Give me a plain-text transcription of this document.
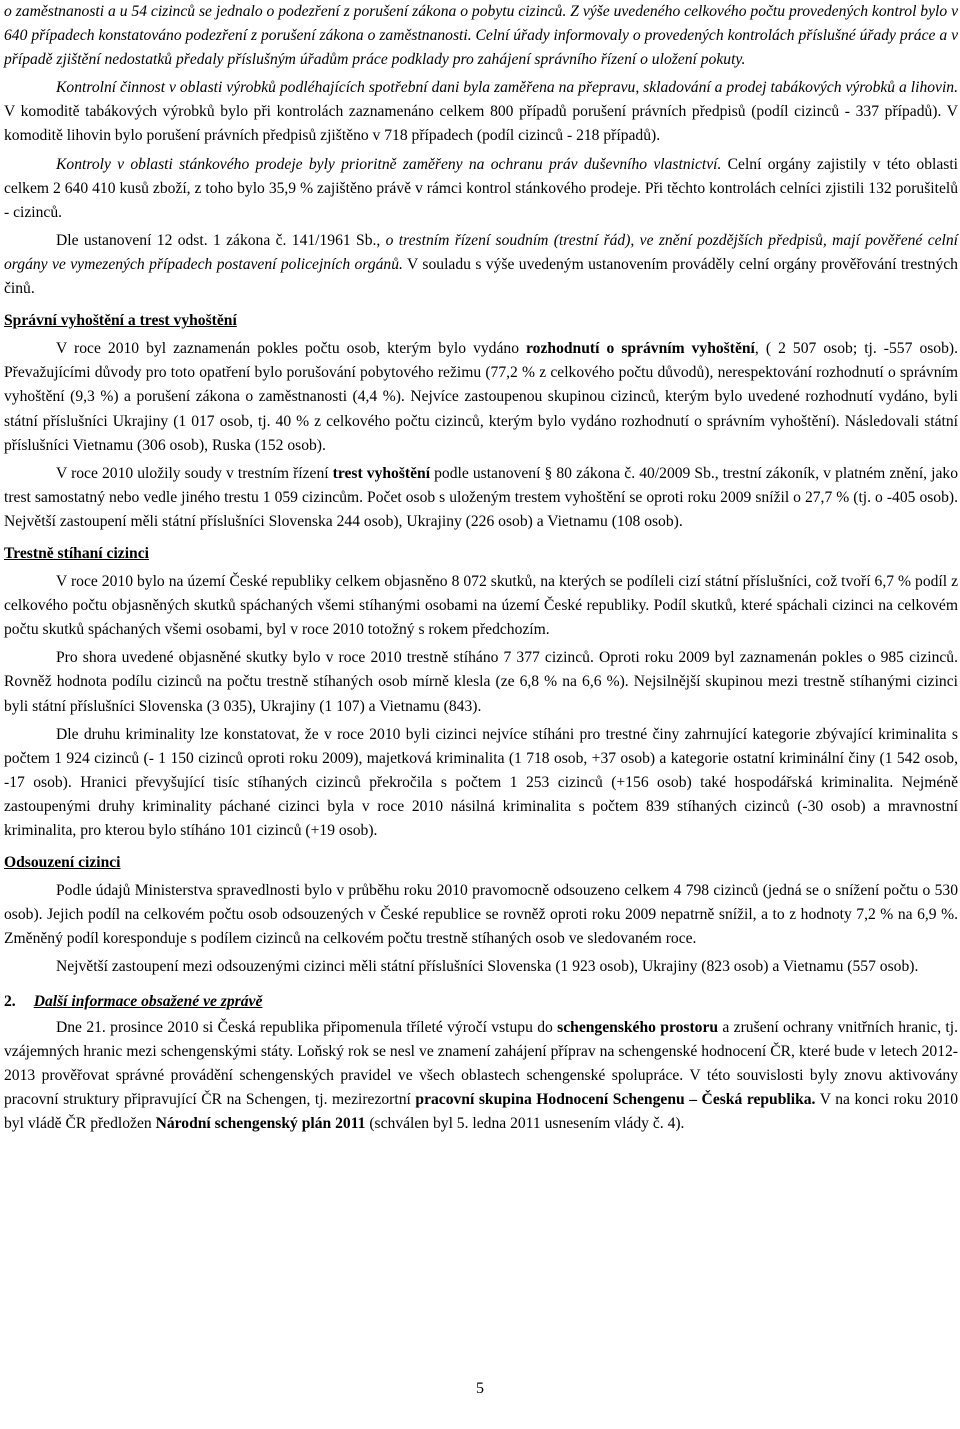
o zaměstnanosti a u 54 cizinců se jednalo o podezření z porušení zákona o pobytu cizinců. Z výše uvedeného celkového počtu provedených kontrol bylo v 640 případech konstatováno podezření z porušení zákona o zaměstnanosti. Celní úřady informovaly o provedených kontrolách příslušné úřady práce a v případě zjištění nedostatků předaly příslušným úřadům práce podklady pro zahájení správního řízení o uložení pokuty.

Kontrolní činnost v oblasti výrobků podléhajících spotřební dani byla zaměřena na přepravu, skladování a prodej tabákových výrobků a lihovin. V komoditě tabákových výrobků bylo při kontrolách zaznamenáno celkem 800 případů porušení právních předpisů (podíl cizinců - 337 případů). V komoditě lihovin bylo porušení právních předpisů zjištěno v 718 případech (podíl cizinců - 218 případů).

Kontroly v oblasti stánkového prodeje byly prioritně zaměřeny na ochranu práv duševního vlastnictví. Celní orgány zajistily v této oblasti celkem 2 640 410 kusů zboží, z toho bylo 35,9 % zajištěno právě v rámci kontrol stánkového prodeje. Při těchto kontrolách celníci zjistili 132 porušitelů - cizinců.

Dle ustanovení 12 odst. 1 zákona č. 141/1961 Sb., o trestním řízení soudním (trestní řád), ve znění pozdějších předpisů, mají pověřené celní orgány ve vymezených případech postavení policejních orgánů. V souladu s výše uvedeným ustanovením prováděly celní orgány prověřování trestných činů.

Správní vyhoštění a trest vyhoštění

V roce 2010 byl zaznamenán pokles počtu osob, kterým bylo vydáno rozhodnutí o správním vyhoštění, ( 2 507 osob; tj. -557 osob). Převažujícími důvody pro toto opatření bylo porušování pobytového režimu (77,2 % z celkového počtu důvodů), nerespektování rozhodnutí o správním vyhoštění (9,3 %) a porušení zákona o zaměstnanosti (4,4 %). Nejvíce zastoupenou skupinou cizinců, kterým bylo uvedené rozhodnutí vydáno, byli státní příslušníci Ukrajiny (1 017 osob, tj. 40 % z celkového počtu cizinců, kterým bylo vydáno rozhodnutí o správním vyhoštění). Následovali státní příslušníci Vietnamu (306 osob), Ruska (152 osob).

V roce 2010 uložily soudy v trestním řízení trest vyhoštění podle ustanovení § 80 zákona č. 40/2009 Sb., trestní zákoník, v platném znění, jako trest samostatný nebo vedle jiného trestu 1 059 cizincům. Počet osob s uloženým trestem vyhoštění se oproti roku 2009 snížil o 27,7 % (tj. o -405 osob). Největší zastoupení měli státní příslušníci Slovenska 244 osob), Ukrajiny (226 osob) a Vietnamu (108 osob).

Trestně stíhaní cizinci

V roce 2010 bylo na území České republiky celkem objasněno 8 072 skutků, na kterých se podíleli cizí státní příslušníci, což tvoří 6,7 % podíl z celkového počtu objasněných skutků spáchaných všemi stíhanými osobami na území České republiky. Podíl skutků, které spáchali cizinci na celkovém počtu skutků spáchaných všemi osobami, byl v roce 2010 totožný s rokem předchozím.

Pro shora uvedené objasněné skutky bylo v roce 2010 trestně stíháno 7 377 cizinců. Oproti roku 2009 byl zaznamenán pokles o 985 cizinců. Rovněž hodnota podílu cizinců na počtu trestně stíhaných osob mírně klesla (ze 6,8 % na 6,6 %). Nejsilnější skupinou mezi trestně stíhanými cizinci byli státní příslušníci Slovenska (3 035), Ukrajiny (1 107) a Vietnamu (843).

Dle druhu kriminality lze konstatovat, že v roce 2010 byli cizinci nejvíce stíháni pro trestné činy zahrnující kategorie zbývající kriminalita s počtem 1 924 cizinců (- 1 150 cizinců oproti roku 2009), majetková kriminalita (1 718 osob, +37 osob) a kategorie ostatní kriminální činy (1 542 osob, -17 osob). Hranici převyšující tisíc stíhaných cizinců překročila s počtem 1 253 cizinců (+156 osob) také hospodářská kriminalita. Nejméně zastoupenými druhy kriminality páchané cizinci byla v roce 2010 násilná kriminalita s počtem 839 stíhaných cizinců (-30 osob) a mravnostní kriminalita, pro kterou bylo stíháno 101 cizinců (+19 osob).

Odsouzení cizinci

Podle údajů Ministerstva spravedlnosti bylo v průběhu roku 2010 pravomocně odsouzeno celkem 4 798 cizinců (jedná se o snížení počtu o 530 osob). Jejich podíl na celkovém počtu osob odsouzených v České republice se rovněž oproti roku 2009 nepatrně snížil, a to z hodnoty 7,2 % na 6,9 %. Změněný podíl koresponduje s podílem cizinců na celkovém počtu trestně stíhaných osob ve sledovaném roce.

Největší zastoupení mezi odsouzenými cizinci měli státní příslušníci Slovenska (1 923 osob), Ukrajiny (823 osob) a Vietnamu (557 osob).

2. Další informace obsažené ve zprávě

Dne 21. prosince 2010 si Česká republika připomenula tříleté výročí vstupu do schengenského prostoru a zrušení ochrany vnitřních hranic, tj. vzájemných hranic mezi schengenskými státy. Loňský rok se nesl ve znamení zahájení příprav na schengenské hodnocení ČR, které bude v letech 2012-2013 prověřovat správné provádění schengenských pravidel ve všech oblastech schengenské spolupráce. V této souvislosti byly znovu aktivovány pracovní struktury připravující ČR na Schengen, tj. mezirezortní pracovní skupina Hodnocení Schengenu – Česká republika. V na konci roku 2010 byl vládě ČR předložen Národní schengenský plán 2011 (schválen byl 5. ledna 2011 usnesením vlády č. 4).

5
